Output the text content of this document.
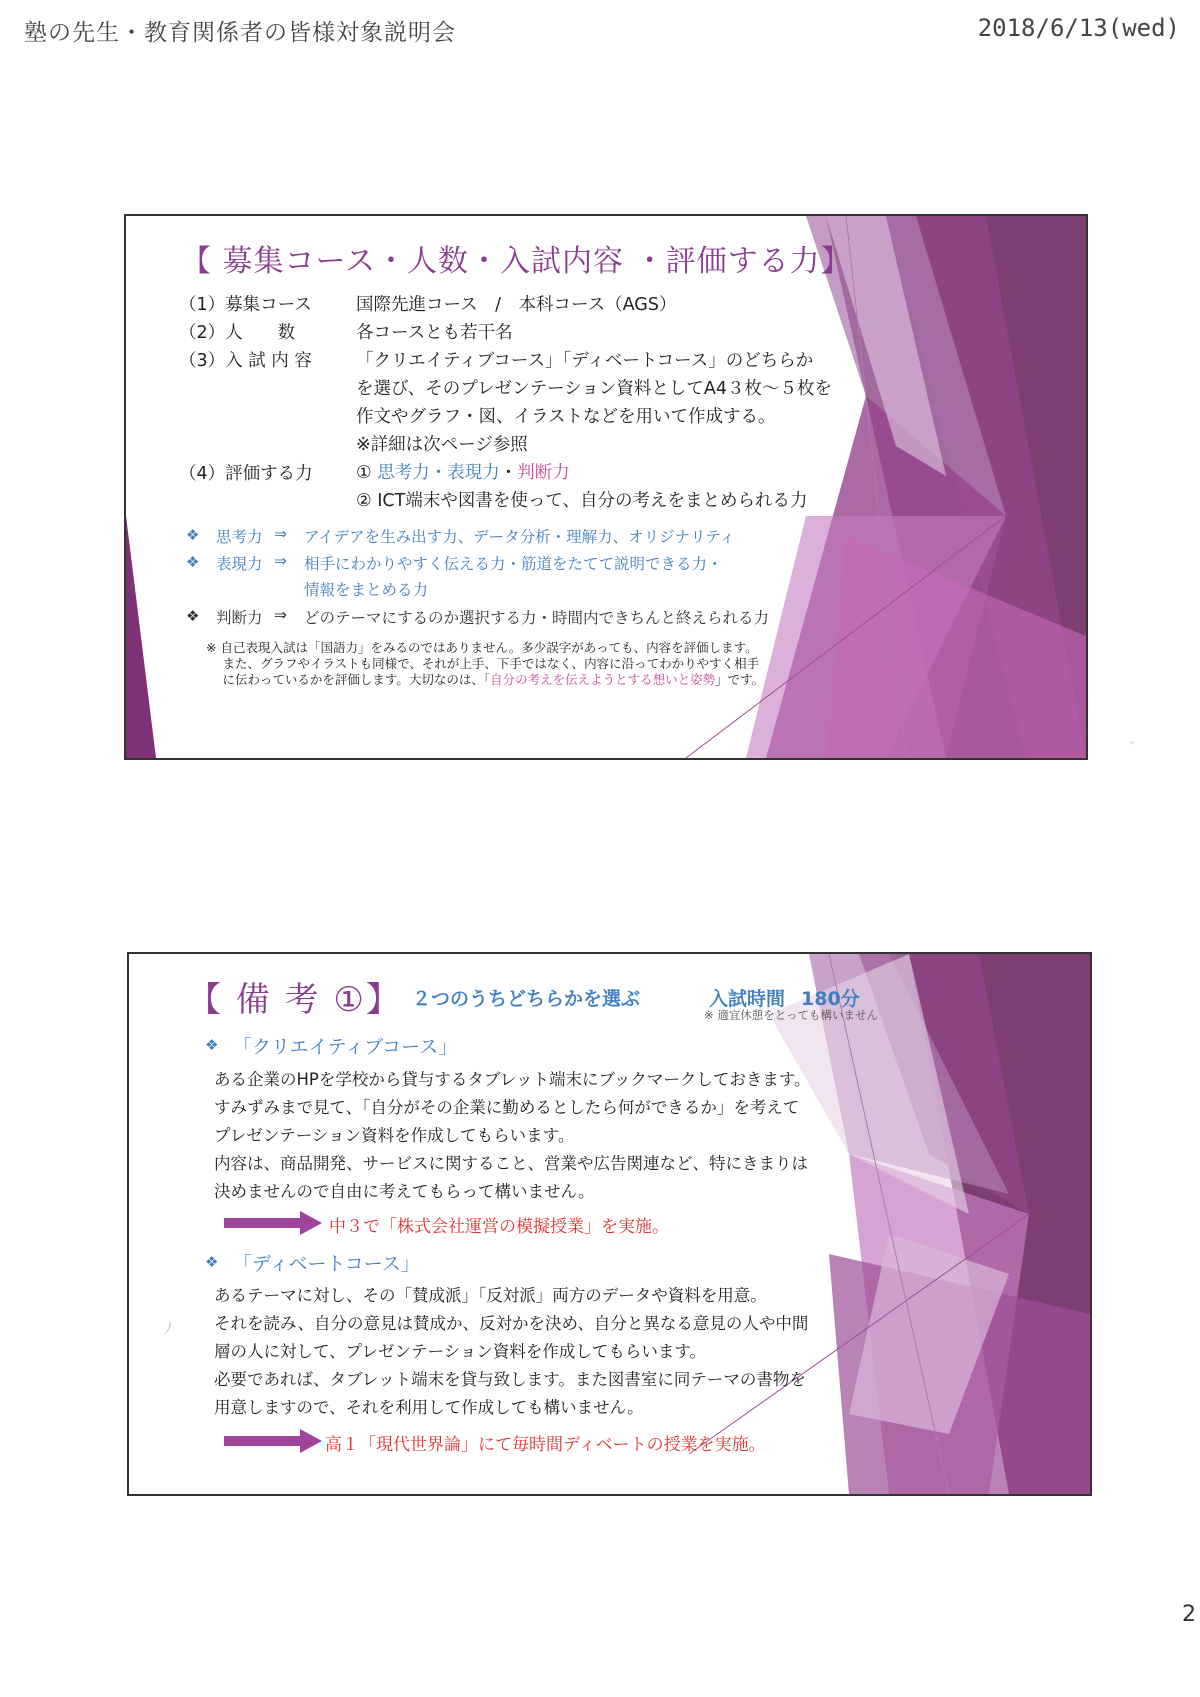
塾の先生・教育関係者の皆様対象説明会	2018/6/13(wed)
【 募集コース・人数・入試内容 ・評価する力】
（1）募集コース	国際先進コース　/　本科コース（AGS）
（2）人　　数	各コースとも若干名
（3）入 試 内 容	「クリエイティブコース」「ディベートコース」のどちらか
を選び、そのプレゼンテーション資料としてA4３枚～５枚を
作文やグラフ・図、イラストなどを用いて作成する。
※詳細は次ページ参照
（4）評価する力 ① 思考力・表現力・判断力
② ICT端末や図書を使って、自分の考えをまとめられる力
❖ 思考力 ⇒ アイデアを生み出す力、データ分析・理解力、オリジナリティ
❖ 表現力 ⇒ 相手にわかりやすく伝える力・筋道をたてて説明できる力・
情報をまとめる力
❖ 判断力 ⇒ どのテーマにするのか選択する力・時間内できちんと終えられる力
※ 自己表現入試は「国語力」をみるのではありません。多少誤字があっても、内容を評価します。
　 また、グラフやイラストも同様で、それが上手、下手ではなく、内容に沿ってわかりやすく相手
　 に伝わっているかを評価します。大切なのは、「自分の考えを伝えようとする想いと姿勢」です。
ﾞ
【 備 考 ①】 ２つのうちどちらかを選ぶ	入試時間 180分
※ 適宜休憩をとっても構いません
❖ 「クリエイティブコース」
ある企業のHPを学校から貸与するタブレット端末にブックマークしておきます。
すみずみまで見て、「自分がその企業に勤めるとしたら何ができるか」を考えて
プレゼンテーション資料を作成してもらいます。
内容は、商品開発、サービスに関すること、営業や広告関連など、特にきまりは
決めませんので自由に考えてもらって構いません。
中３で「株式会社運営の模擬授業」を実施。
❖ 「ディベートコース」
あるテーマに対し、その「賛成派」「反対派」両方のデータや資料を用意。
それを読み、自分の意見は賛成か、反対かを決め、自分と異なる意見の人や中間
層の人に対して、プレゼンテーション資料を作成してもらいます。
必要であれば、タブレット端末を貸与致します。また図書室に同テーマの書物を
用意しますので、それを利用して作成しても構いません。
高１「現代世界論」にて毎時間ディベートの授業を実施。
ﾉ
2
